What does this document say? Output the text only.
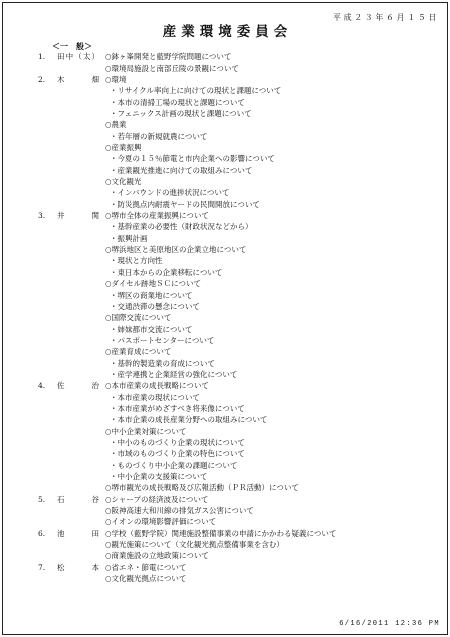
平成２３年６月１５日
産業環境委員会
＜一　般＞
1. 田中（太） ○鉢ヶ峯開発と藍野学院問題について
○環境局施設と南部丘陵の景観について
2. 木　畑 ○環境
・リサイクル率向上に向けての現状と課題について
・本市の清掃工場の現状と課題について
・フェニックス計画の現状と課題について
○農業
・若年層の新規就農について
○産業振興
・今夏の１５％節電と市内企業への影響について
・産業観光推進に向けての取組みについて
○文化観光
・インバウンドの進捗状況について
・防災拠点内耐震ヤードの民間開放について
3. 井　関 ○堺市全体の産業振興について
・基幹産業の必要性（財政状況などから）
・振興計画
○堺浜地区と美原地区の企業立地について
・現状と方向性
・東日本からの企業移転について
○ダイセル跡地ＳＣについて
・堺区の商業地について
・交通渋滞の懸念について
○国際交流について
・姉妹都市交流について
・パスポートセンターについて
○産業育成について
・基幹的製造業の育成について
・産学連携と企業経営の強化について
4. 佐　治 ○本市産業の成長戦略について
・本市産業の現状について
・本市産業がめざすべき将来像について
・本市企業の成長産業分野への取組みについて
○中小企業対策について
・中小のものづくり企業の現状について
・市域のものづくり企業の特色について
・ものづくり中小企業の課題について
・中小企業の支援策について
○堺市観光の成長戦略及び広報活動（ＰＲ活動）について
5. 石　谷 ○シャープの経済波及について
○阪神高速大和川線の排気ガス公害について
○イオンの環境影響評価について
6. 池　田 ○学校（藍野学院）関連施設整備事業の申請にかかわる疑義について
○観光施策について（文化観光拠点整備事業を含む）
○商業施設の立地政策について
7. 松　本 ○省エネ・節電について
○文化観光拠点について
6/16/2011 12:36 PM
